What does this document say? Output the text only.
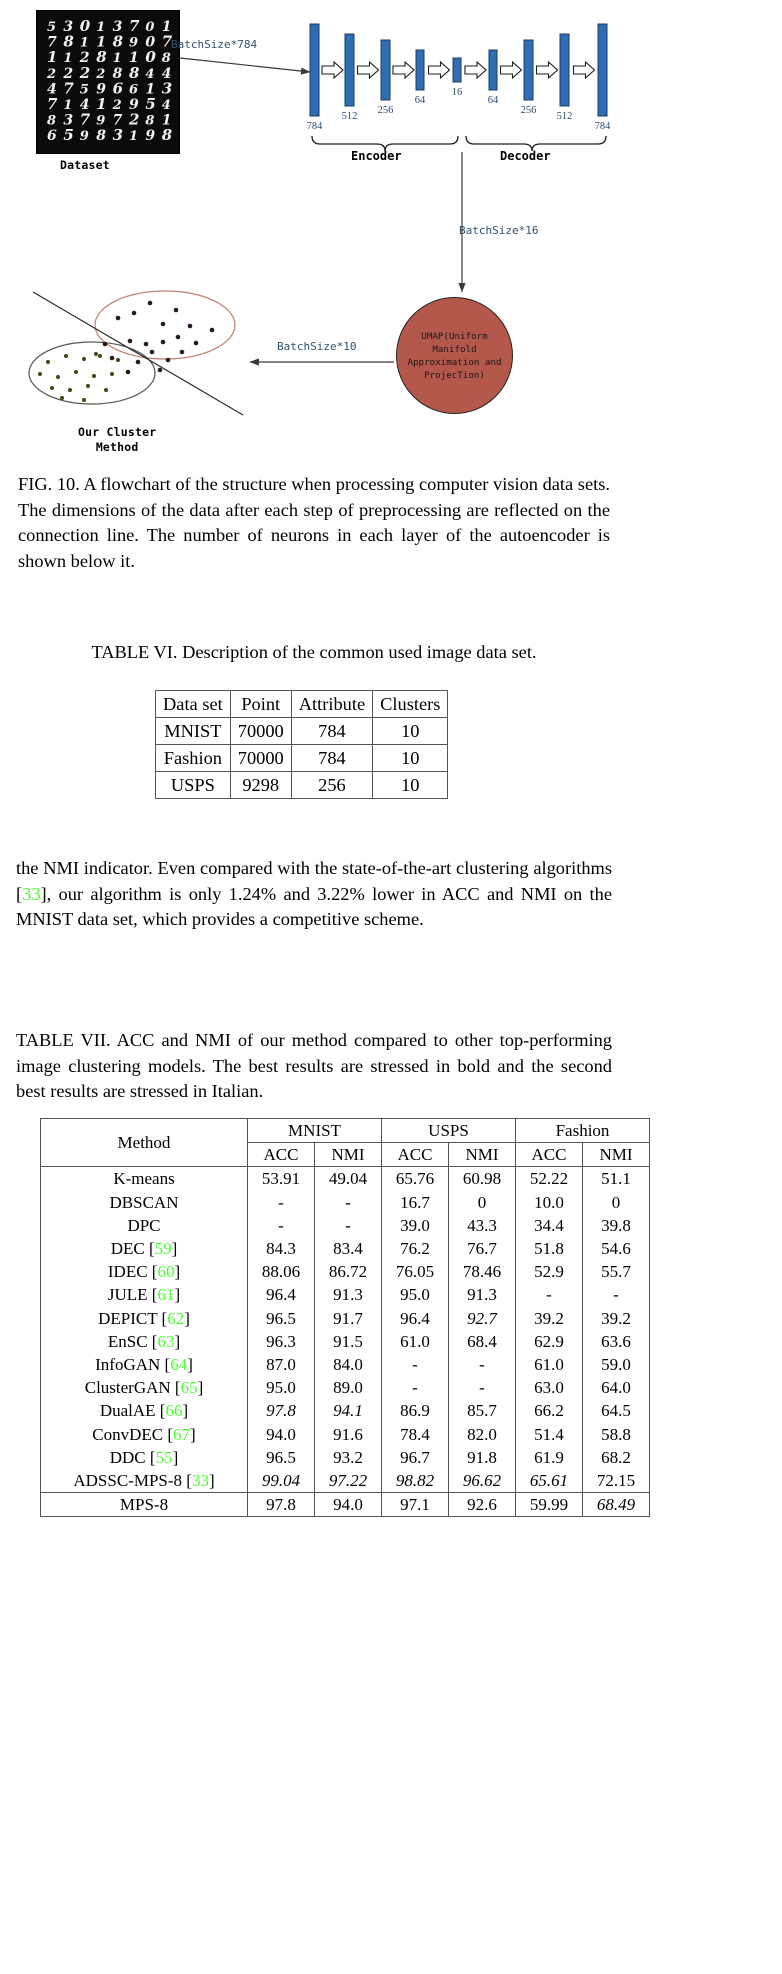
5 3 0 1 3 7 0 1
7 8 1 1 8 9 0 7
1 1 2 8 1 1 0 8
2 2 2 2 8 8 4 4
4 7 5 9 6 6 1 3
7 1 4 1 2 9 5 4
8 3 7 9 7 2 8 1
6 5 9 8 3 1 9 8
Dataset
BatchSize*784
BatchSize*16
BatchSize*10
Encoder	Decoder
UMAP(Uniform Manifold Approximation and ProjecTion)
Our Cluster
Method
784
512
256
64
16
64
256
512
784
FIG. 10. A flowchart of the structure when processing computer vision data sets. The dimensions of the data after each step of preprocessing are reflected on the connection line. The number of neurons in each layer of the autoencoder is shown below it.
TABLE VI. Description of the common used image data set.
Data set	Point	Attribute	Clusters
MNIST	70000	784	10
Fashion	70000	784	10
USPS	9298	256	10
the NMI indicator. Even compared with the state-of-the-art clustering algorithms [33], our algorithm is only 1.24% and 3.22% lower in ACC and NMI on the MNIST data set, which provides a competitive scheme.
TABLE VII. ACC and NMI of our method compared to other top-performing image clustering models. The best results are stressed in bold and the second best results are stressed in Italian.
Method	MNIST		USPS		Fashion	
	ACC	NMI	ACC	NMI	ACC	NMI
K-means	53.91	49.04	65.76	60.98	52.22	51.1
DBSCAN	-	-	16.7	0	10.0	0
DPC	-	-	39.0	43.3	34.4	39.8
DEC [59]	84.3	83.4	76.2	76.7	51.8	54.6
IDEC [60]	88.06	86.72	76.05	78.46	52.9	55.7
JULE [61]	96.4	91.3	95.0	91.3	-	-
DEPICT [62]	96.5	91.7	96.4	92.7	39.2	39.2
EnSC [63]	96.3	91.5	61.0	68.4	62.9	63.6
InfoGAN [64]	87.0	84.0	-	-	61.0	59.0
ClusterGAN [65]	95.0	89.0	-	-	63.0	64.0
DualAE [66]	97.8	94.1	86.9	85.7	66.2	64.5
ConvDEC [67]	94.0	91.6	78.4	82.0	51.4	58.8
DDC [55]	96.5	93.2	96.7	91.8	61.9	68.2
ADSSC-MPS-8 [33]	99.04	97.22	98.82	96.62	65.61	72.15
MPS-8	97.8	94.0	97.1	92.6	59.99	68.49
